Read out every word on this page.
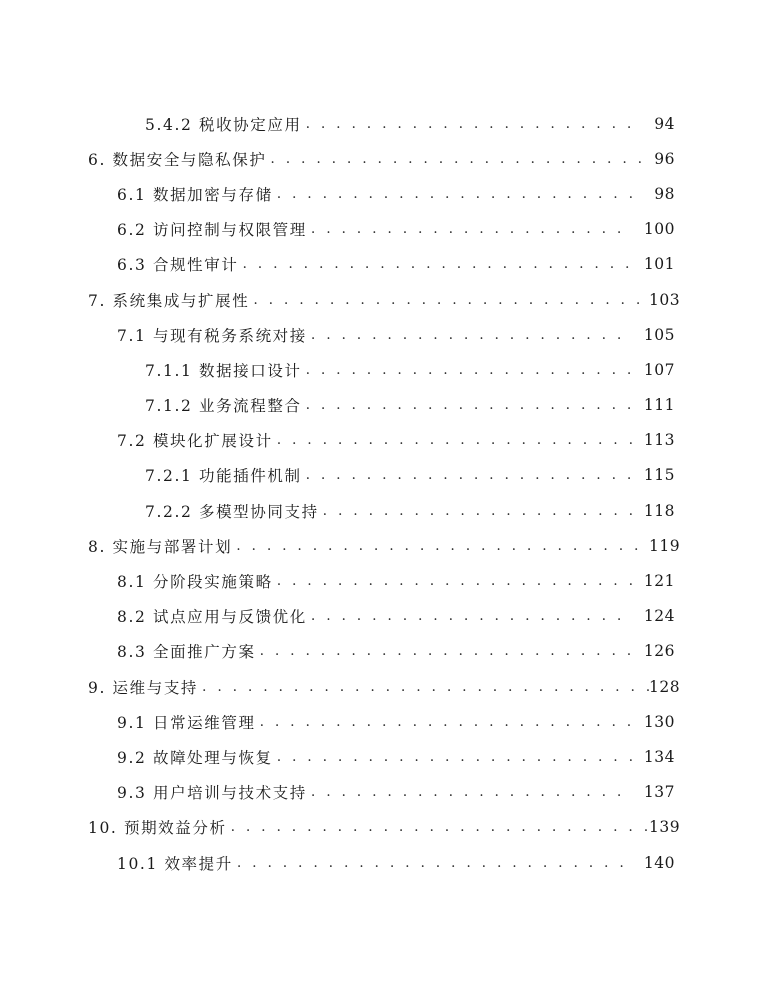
5.4.2 税收协定应用 . . .	94
6. 数据安全与隐私保护 . . .	96
6.1 数据加密与存储 . . .	98
6.2 访问控制与权限管理 . . .	100
6.3 合规性审计 . . .	101
7. 系统集成与扩展性 . . .	103
7.1 与现有税务系统对接 . . .	105
7.1.1 数据接口设计 . . .	107
7.1.2 业务流程整合 . . .	111
7.2 模块化扩展设计 . . .	113
7.2.1 功能插件机制 . . .	115
7.2.2 多模型协同支持 . . .	118
8. 实施与部署计划 . . .	119
8.1 分阶段实施策略 . . .	121
8.2 试点应用与反馈优化 . . .	124
8.3 全面推广方案 . . .	126
9. 运维与支持 . . .	128
9.1 日常运维管理 . . .	130
9.2 故障处理与恢复 . . .	134
9.3 用户培训与技术支持 . . .	137
10. 预期效益分析 . . .	139
10.1 效率提升 . . .	140
